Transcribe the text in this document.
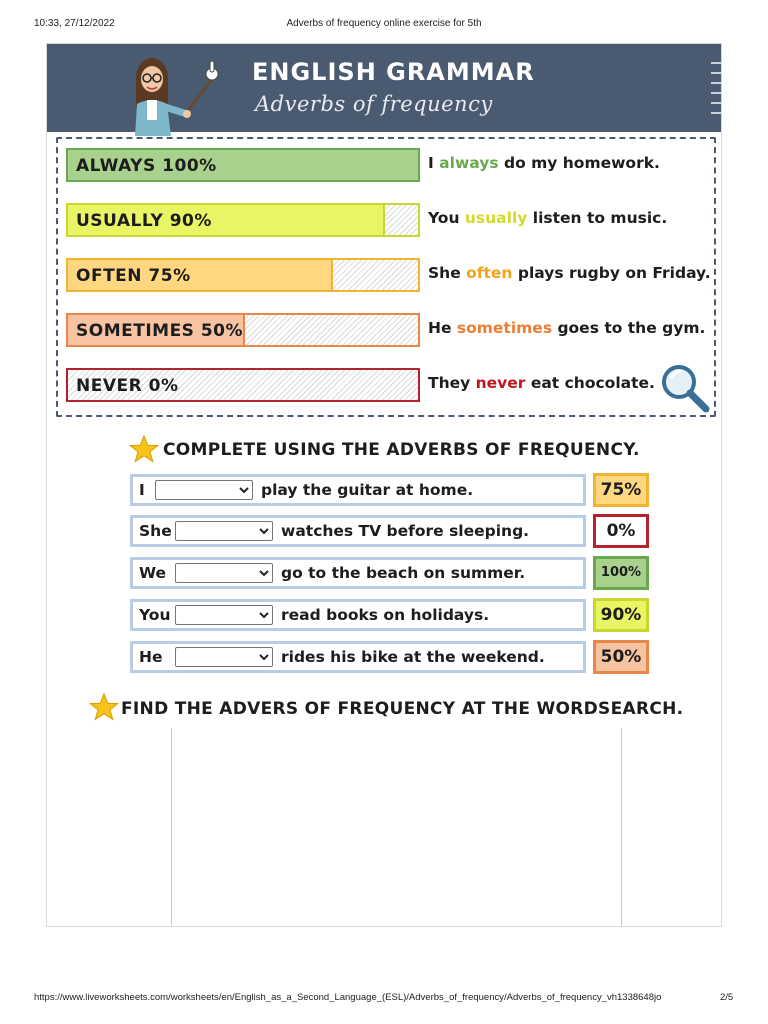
10:33, 27/12/2022	Adverbs of frequency online exercise for 5th
ENGLISH GRAMMAR
Adverbs of frequency
ALWAYS 100%	I always do my homework.
USUALLY 90%	You usually listen to music.
OFTEN 75%	She often plays rugby on Friday.
SOMETIMES 50%	He sometimes goes to the gym.
NEVER 0%	They never eat chocolate.
COMPLETE USING THE ADVERBS OF FREQUENCY.
I	play the guitar at home.	75%
She	watches TV before sleeping.	0%
We	go to the beach on summer.	100%
You	read books on holidays.	90%
He	rides his bike at the weekend.	50%
FIND THE ADVERS OF FREQUENCY AT THE WORDSEARCH.
https://www.liveworksheets.com/worksheets/en/English_as_a_Second_Language_(ESL)/Adverbs_of_frequency/Adverbs_of_frequency_vh1338648jo	2/5
